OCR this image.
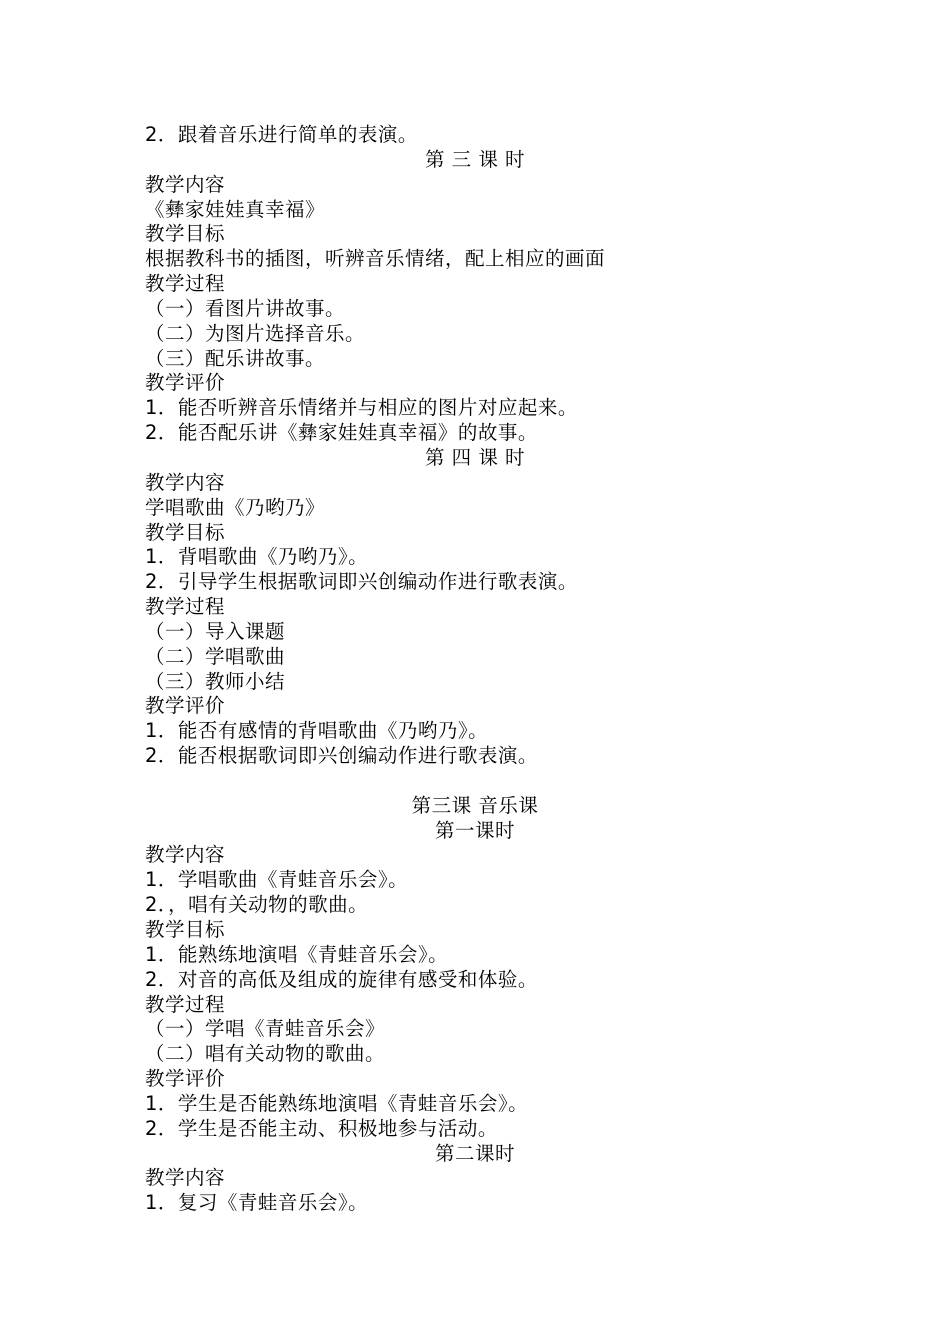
2．跟着音乐进行简单的表演。
第 三 课 时
教学内容
《彝家娃娃真幸福》
教学目标
根据教科书的插图，听辨音乐情绪，配上相应的画面
教学过程
（一）看图片讲故事。
（二）为图片选择音乐。
（三）配乐讲故事。
教学评价
1．能否听辨音乐情绪并与相应的图片对应起来。
2．能否配乐讲《彝家娃娃真幸福》的故事。
第 四 课 时
教学内容
学唱歌曲《乃哟乃》
教学目标
1．背唱歌曲《乃哟乃》。
2．引导学生根据歌词即兴创编动作进行歌表演。
教学过程
（一）导入课题
（二）学唱歌曲
（三）教师小结
教学评价
1．能否有感情的背唱歌曲《乃哟乃》。
2．能否根据歌词即兴创编动作进行歌表演。
第三课 音乐课
第一课时
教学内容
1．学唱歌曲《青蛙音乐会》。
2．，唱有关动物的歌曲。
教学目标
1．能熟练地演唱《青蛙音乐会》。
2．对音的高低及组成的旋律有感受和体验。
教学过程
（一）学唱《青蛙音乐会》
（二）唱有关动物的歌曲。
教学评价
1．学生是否能熟练地演唱《青蛙音乐会》。
2．学生是否能主动、积极地参与活动。
第二课时
教学内容
1．复习《青蛙音乐会》。
